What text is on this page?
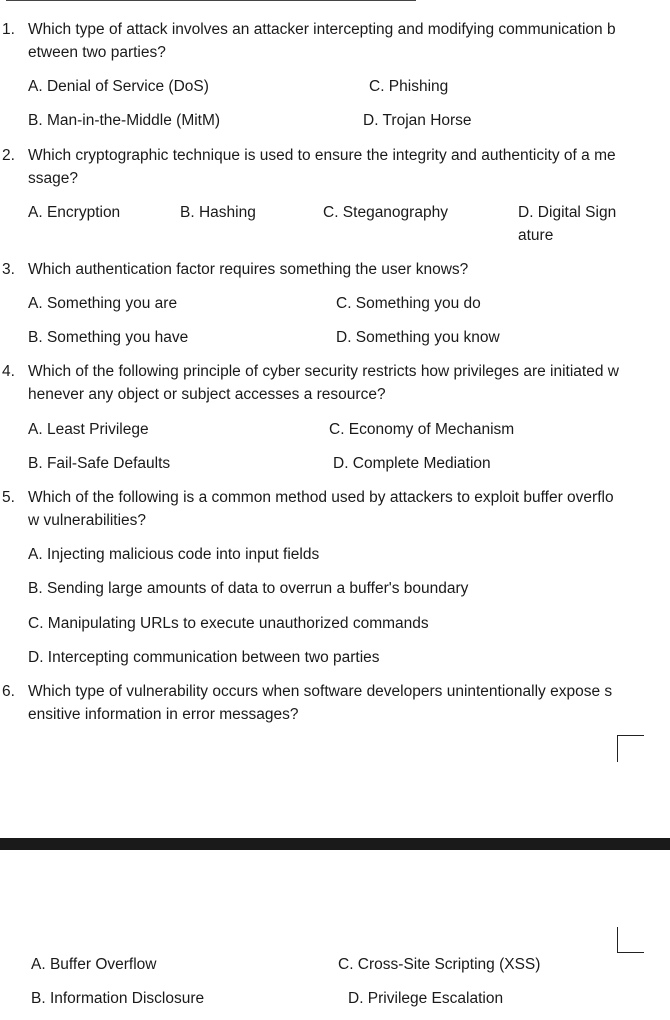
1. Which type of attack involves an attacker intercepting and modifying communication between two parties?
A. Denial of Service (DoS)	C. Phishing
B. Man-in-the-Middle (MitM)	D. Trojan Horse
2. Which cryptographic technique is used to ensure the integrity and authenticity of a message?
A. Encryption	B. Hashing	C. Steganography	D. Digital Signature
3. Which authentication factor requires something the user knows?
A. Something you are	C. Something you do
B. Something you have	D. Something you know
4. Which of the following principle of cyber security restricts how privileges are initiated whenever any object or subject accesses a resource?
A. Least Privilege	C. Economy of Mechanism
B. Fail-Safe Defaults	D. Complete Mediation
5. Which of the following is a common method used by attackers to exploit buffer overflow vulnerabilities?
A. Injecting malicious code into input fields
B. Sending large amounts of data to overrun a buffer's boundary
C. Manipulating URLs to execute unauthorized commands
D. Intercepting communication between two parties
6. Which type of vulnerability occurs when software developers unintentionally expose sensitive information in error messages?
A. Buffer Overflow	C. Cross-Site Scripting (XSS)
B. Information Disclosure	D. Privilege Escalation
